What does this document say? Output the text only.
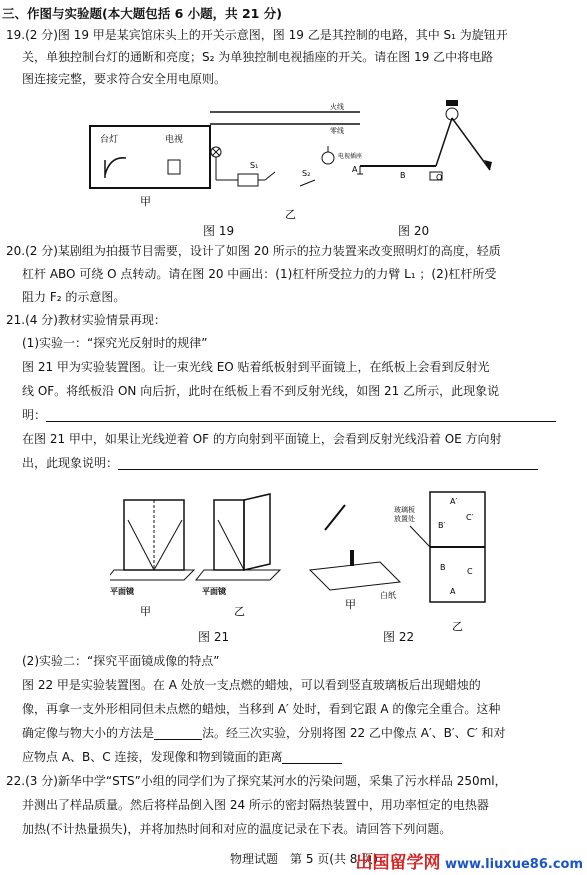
三、作图与实验题(本大题包括 6 小题，共 21 分)
19.(2 分)图 19 甲是某宾馆床头上的开关示意图，图 19 乙是其控制的电路，其中 S₁ 为旋钮开
关，单独控制台灯的通断和亮度；S₂ 为单独控制电视插座的开关。请在图 19 乙中将电路
图连接完整，要求符合安全用电原则。
台灯	电视
甲
火线
零线
S₁
S₂
电视插座
乙
A
B	O
图 19	图 20
20.(2 分)某剧组为拍摄节目需要，设计了如图 20 所示的拉力装置来改变照明灯的高度，轻质
杠杆 ABO 可绕 O 点转动。请在图 20 中画出：(1)杠杆所受拉力的力臂 L₁ ；(2)杠杆所受
阻力 F₂ 的示意图。
21.(4 分)教材实验情景再现：
(1)实验一：“探究光反射时的规律”
图 21 甲为实验装置图。让一束光线 EO 贴着纸板射到平面镜上，在纸板上会看到反射光
线 OF。将纸板沿 ON 向后折，此时在纸板上看不到反射光线，如图 21 乙所示，此现象说
明：
在图 21 甲中，如果让光线逆着 OF 的方向射到平面镜上，会看到反射光线沿着 OE 方向射
出，此现象说明：
平面镜
甲
平面镜
乙
甲
玻璃板
放置处
A′
C′
B′
B	C
A
白纸
乙
图 21	图 22
(2)实验二：“探究平面镜成像的特点”
图 22 甲是实验装置图。在 A 处放一支点燃的蜡烛，可以看到竖直玻璃板后出现蜡烛的
像，再拿一支外形相同但未点燃的蜡烛，当移到 A′ 处时，看到它跟 A 的像完全重合。这种
确定像与物大小的方法是	法。经三次实验，分别将图 22 乙中像点 A′、B′、C′ 和对
应物点 A、B、C 连接，发现像和物到镜面的距离
22.(3 分)新华中学“STS”小组的同学们为了探究某河水的污染问题，采集了污水样品 250ml，
并测出了样品质量。然后将样品倒入图 24 所示的密封隔热装置中，用功率恒定的电热器
加热(不计热量损失)，并将加热时间和对应的温度记录在下表。请回答下列问题。
物理试题　第 5 页(共 8 页)
出国留学网 www.liuxue86.com
